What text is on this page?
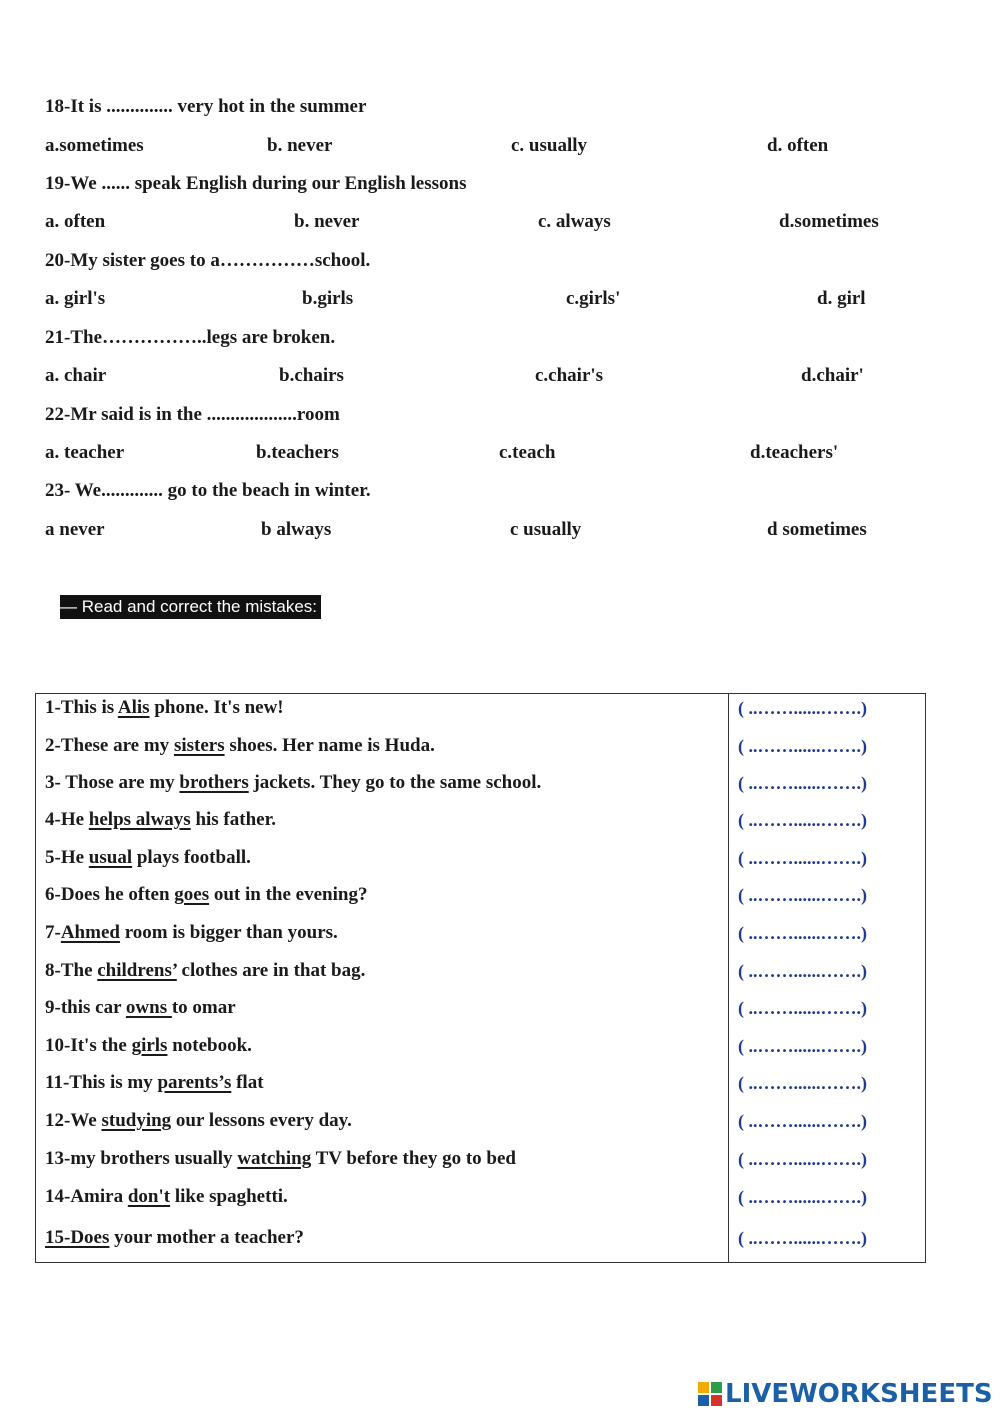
18-It is .............. very hot in the summer
a.sometimes	b. never	c. usually	d. often
19-We ...... speak English during our English lessons
a. often	b. never	c. always	d.sometimes
20-My sister goes to a……………school.
a. girl's	b.girls	c.girls'	d. girl
21-The……………..legs are broken.
a. chair	b.chairs	c.chair's	d.chair'
22-Mr said is in the ...................room
a. teacher	b.teachers	c.teach	d.teachers'
23- We............. go to the beach in winter.
a never	b always	c usually	d sometimes
— Read and correct the mistakes:
1-This is Alis phone. It's new!	( ..……......…….)
2-These are my sisters shoes. Her name is Huda.	( ..……......…….)
3- Those are my brothers jackets. They go to the same school.	( ..……......…….)
4-He helps always his father.	( ..……......…….)
5-He usual plays football.	( ..……......…….)
6-Does he often goes out in the evening?	( ..……......…….)
7-Ahmed room is bigger than yours.	( ..……......…….)
8-The childrens’ clothes are in that bag.	( ..……......…….)
9-this car owns to omar	( ..……......…….)
10-It's the girls notebook.	( ..……......…….)
11-This is my parents’s flat	( ..……......…….)
12-We studying our lessons every day.	( ..……......…….)
13-my brothers usually watching TV before they go to bed	( ..……......…….)
14-Amira don't like spaghetti.	( ..……......…….)
15-Does your mother a teacher?	( ..……......…….)
LIVEWORKSHEETS
